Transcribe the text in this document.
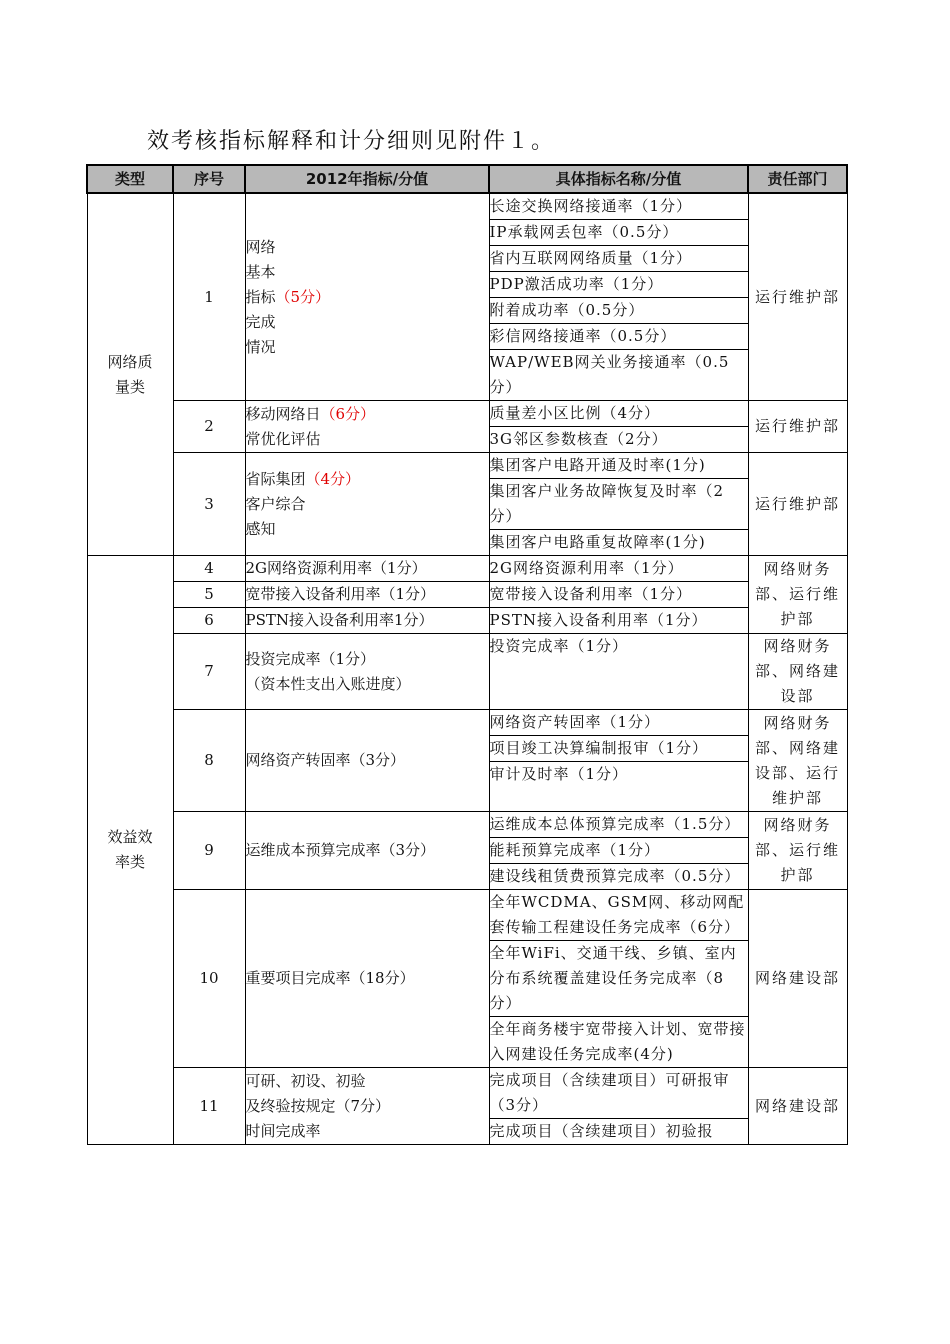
效考核指标解释和计分细则见附件１。
类型	序号	2012年指标/分值	具体指标名称/分值	责任部门
网络质
量类	1	网络
基本
指标（5分）
完成
情况	长途交换网络接通率（1分）	运行维护部
			IP承载网丢包率（0.5分）	
			省内互联网网络质量（1分）	
			PDP激活成功率（1分）	
			附着成功率（0.5分）	
			彩信网络接通率（0.5分）	
			WAP/WEB网关业务接通率（0.5分）	
	2	移动网络日（6分）
常优化评估	质量差小区比例（4分）	运行维护部
			3G邻区参数核查（2分）	
	3	省际集团（4分）
客户综合
感知	集团客户电路开通及时率(1分)	运行维护部
			集团客户业务故障恢复及时率（2分）	
			集团客户电路重复故障率(1分)	
效益效
率类	4	2G网络资源利用率（1分）	2G网络资源利用率（1分）	网络财务部、运行维护部
	5	宽带接入设备利用率（1分）	宽带接入设备利用率（1分）	
	6	PSTN接入设备利用率1分）	PSTN接入设备利用率（1分）	
	7	投资完成率（1分）
（资本性支出入账进度）	投资完成率（1分）	网络财务部、网络建设部
	8	网络资产转固率（3分）	网络资产转固率（1分）	网络财务部、网络建设部、运行维护部
			项目竣工决算编制报审（1分）	
			审计及时率（1分）	
	9	运维成本预算完成率（3分）	运维成本总体预算完成率（1.5分）	网络财务部、运行维护部
			能耗预算完成率（1分）	
			建设线租赁费预算完成率（0.5分）	
	10	重要项目完成率（18分）	全年WCDMA、GSM网、移动网配套传输工程建设任务完成率（6分）	网络建设部
			全年WiFi、交通干线、乡镇、室内分布系统覆盖建设任务完成率（8分）	
			全年商务楼宇宽带接入计划、宽带接入网建设任务完成率(4分)	
	11	可研、初设、初验
及终验按规定（7分）
时间完成率	完成项目（含续建项目）可研报审（3分）	网络建设部
			完成项目（含续建项目）初验报	
